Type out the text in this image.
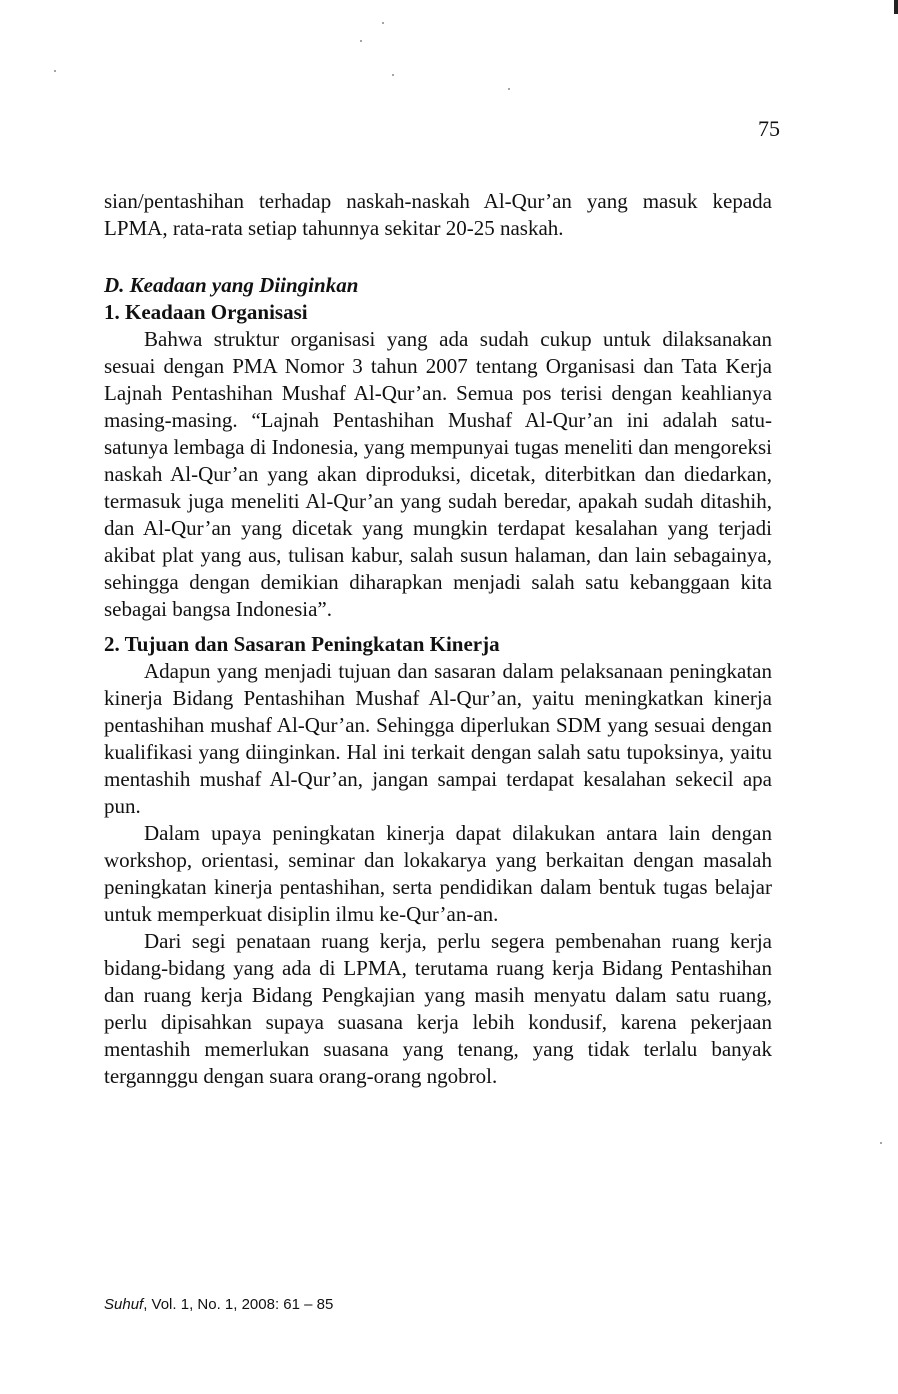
75

sian/pentashihan terhadap naskah-naskah Al-Qur’an yang masuk kepada LPMA, rata-rata setiap tahunnya sekitar 20-25 naskah.

D. Keadaan yang Diinginkan

1. Keadaan Organisasi

Bahwa struktur organisasi yang ada sudah cukup untuk dilaksanakan sesuai dengan PMA Nomor 3 tahun 2007 tentang Organisasi dan Tata Kerja Lajnah Pentashihan Mushaf Al-Qur’an. Semua pos terisi dengan keahlianya masing-masing. “Lajnah Pentashihan Mushaf Al-Qur’an ini adalah satu-satunya lembaga di Indonesia, yang mempunyai tugas meneliti dan mengoreksi naskah Al-Qur’an yang akan diproduksi, dicetak, diterbitkan dan diedarkan, termasuk juga meneliti Al-Qur’an yang sudah beredar, apakah sudah ditashih, dan Al-Qur’an yang dicetak yang mungkin terdapat kesalahan yang terjadi akibat plat yang aus, tulisan kabur, salah susun halaman, dan lain sebagainya, sehingga dengan demikian diharapkan menjadi salah satu kebanggaan kita sebagai bangsa Indonesia”.

2. Tujuan dan Sasaran Peningkatan Kinerja

Adapun yang menjadi tujuan dan sasaran dalam pelaksanaan peningkatan kinerja Bidang Pentashihan Mushaf Al-Qur’an, yaitu meningkatkan kinerja pentashihan mushaf Al-Qur’an. Sehingga diperlukan SDM yang sesuai dengan kualifikasi yang diinginkan. Hal ini terkait dengan salah satu tupoksinya, yaitu mentashih mushaf Al-Qur’an, jangan sampai terdapat kesalahan sekecil apa pun.

Dalam upaya peningkatan kinerja dapat dilakukan antara lain dengan workshop, orientasi, seminar dan lokakarya yang berkaitan dengan masalah peningkatan kinerja pentashihan, serta pendidikan dalam bentuk tugas belajar untuk memperkuat disiplin ilmu ke-Qur’an-an.

Dari segi penataan ruang kerja, perlu segera pembenahan ruang kerja bidang-bidang yang ada di LPMA, terutama ruang kerja Bidang Pentashihan dan ruang kerja Bidang Pengkajian yang masih menyatu dalam satu ruang, perlu dipisahkan supaya suasana kerja lebih kondusif, karena pekerjaan mentashih memerlukan suasana yang tenang, yang tidak terlalu banyak tergannggu dengan suara orang-orang ngobrol.

Suhuf, Vol. 1, No. 1, 2008: 61 – 85
